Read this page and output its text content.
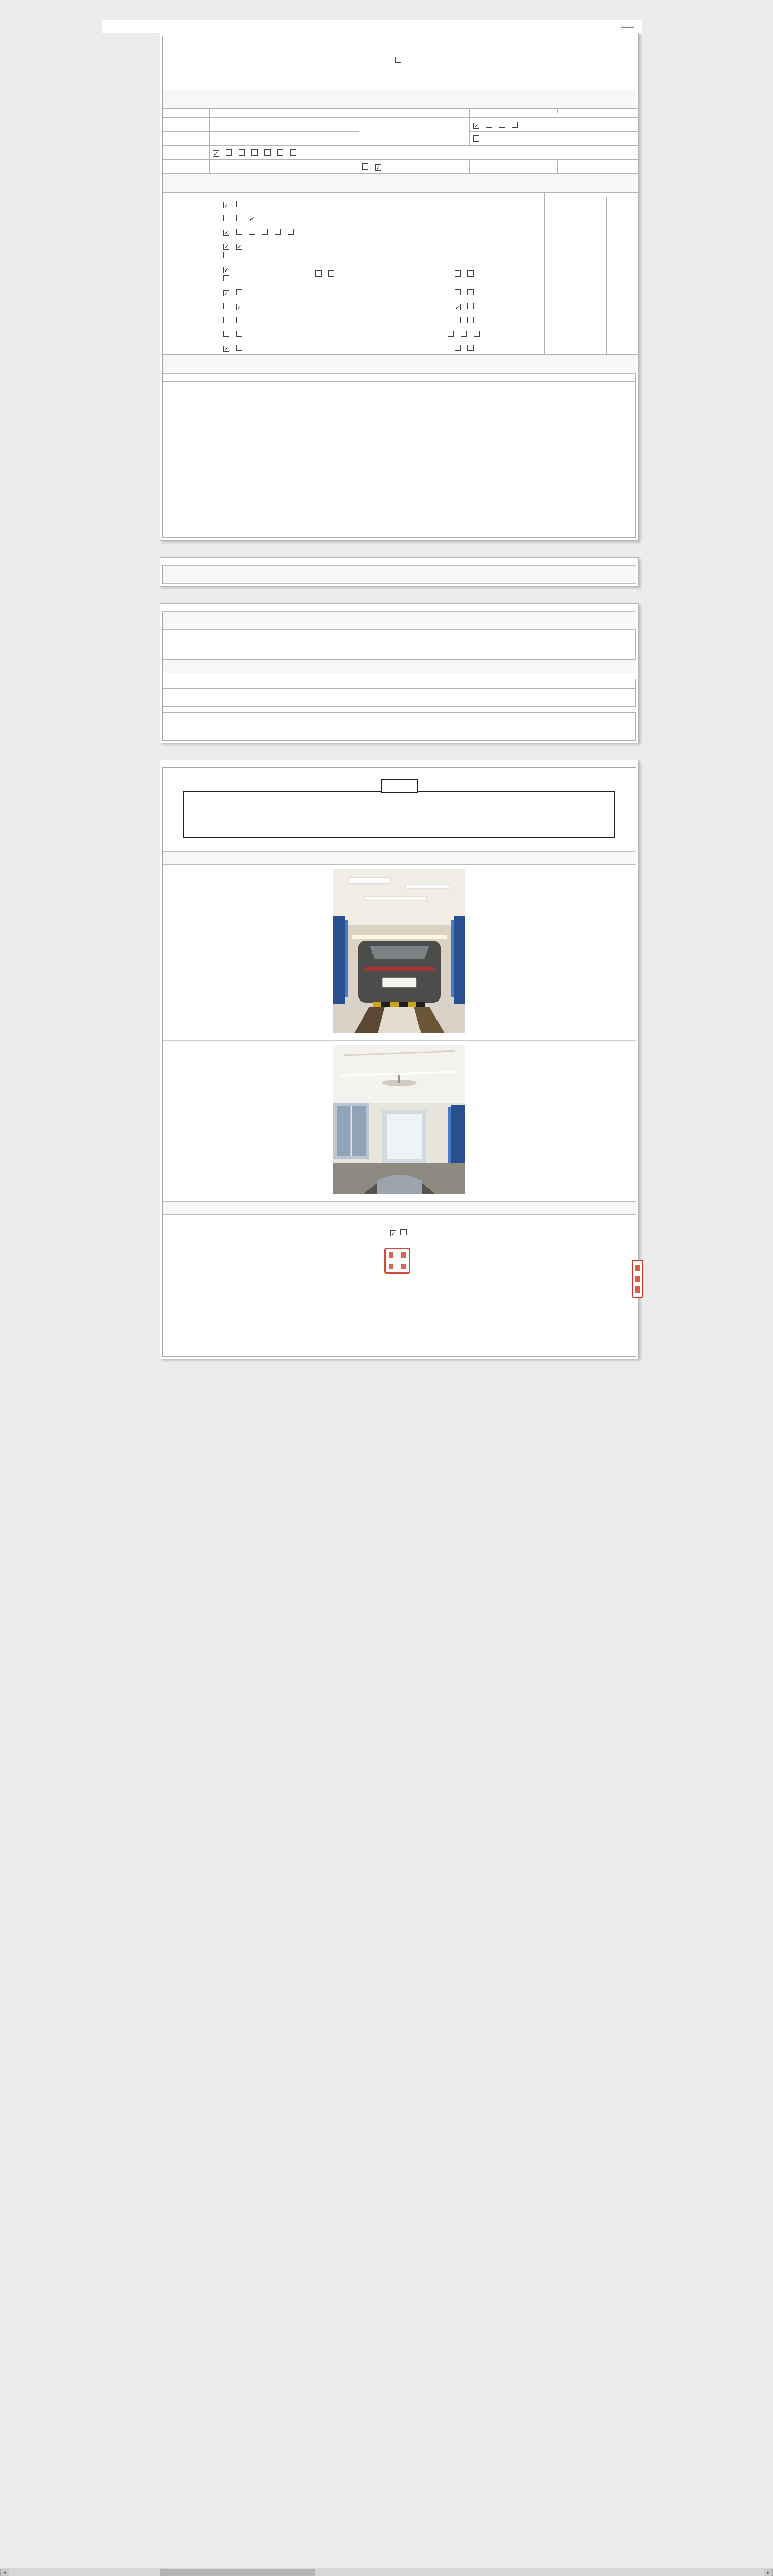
				✓	

	✓				
			✓		

	✓				
	✓				
	✓				
	✓ ✓	

	✓

	✓				
	✓		✓		

	✓				

✓

◄	►
